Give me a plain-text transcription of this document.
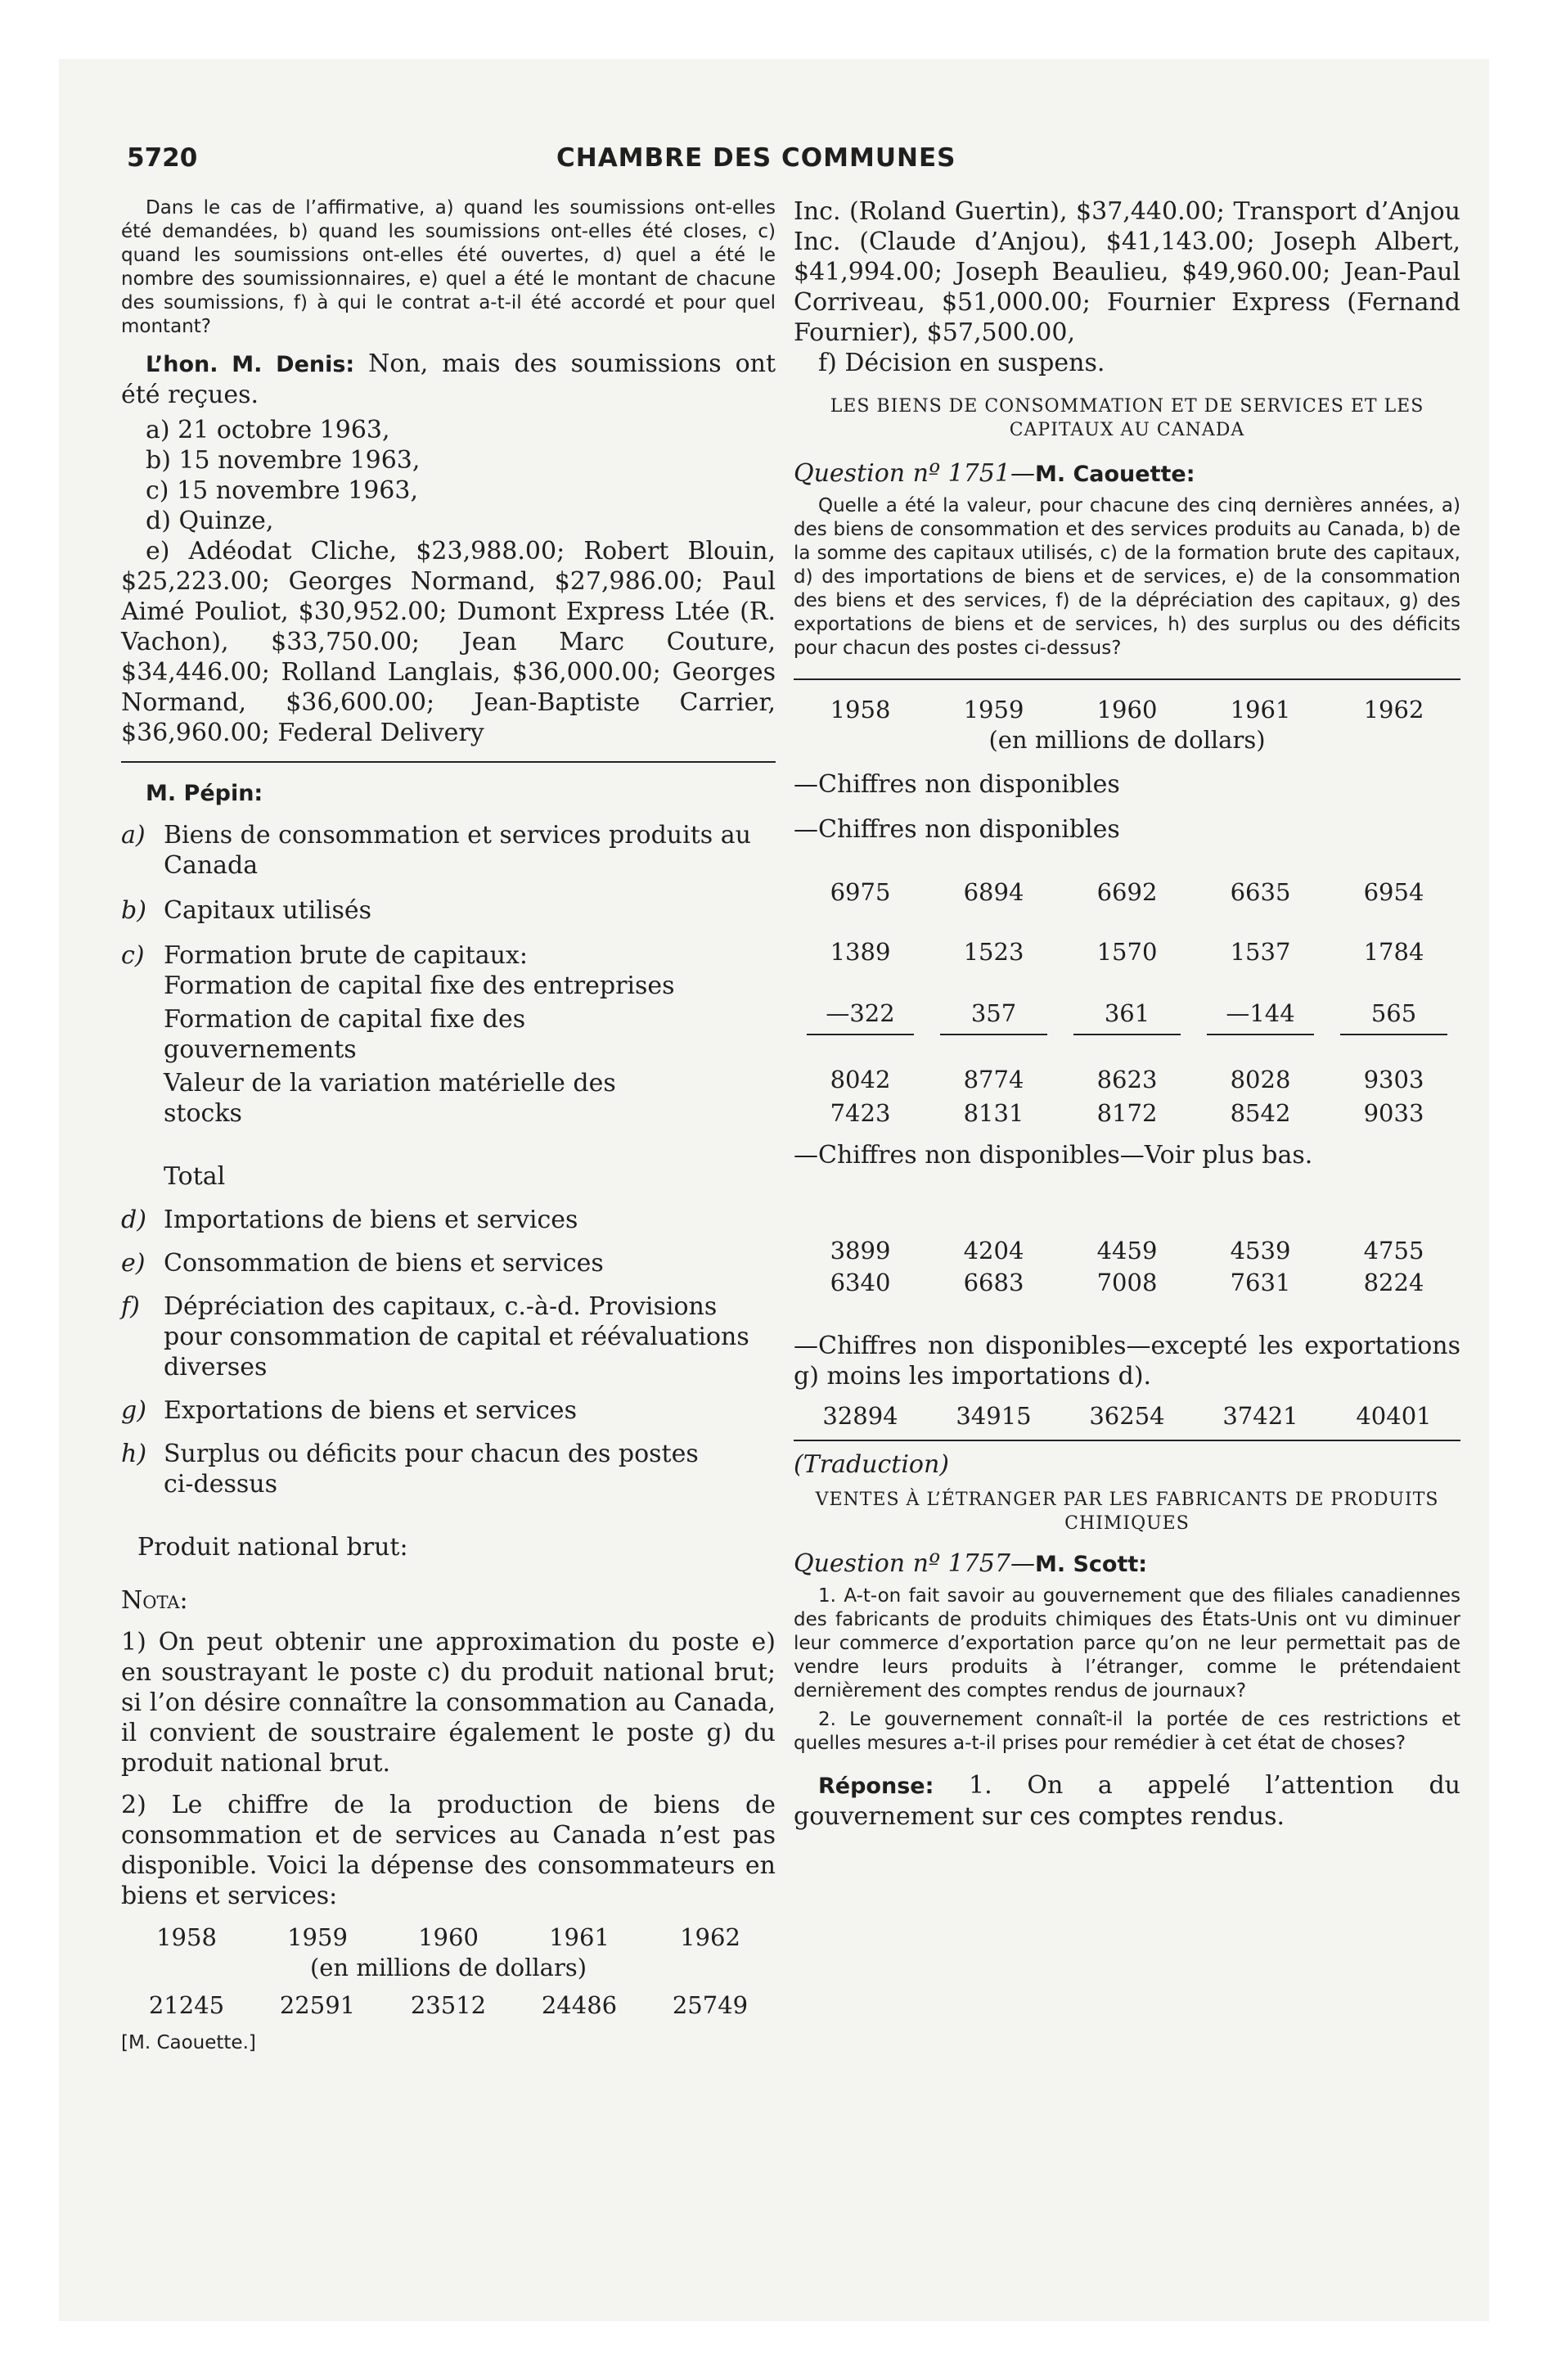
5720	CHAMBRE DES COMMUNES

Dans le cas de l’affirmative, a) quand les soumissions ont-elles été demandées, b) quand les soumissions ont-elles été closes, c) quand les soumissions ont-elles été ouvertes, d) quel a été le nombre des soumissionnaires, e) quel a été le montant de chacune des soumissions, f) à qui le contrat a-t-il été accordé et pour quel montant?

L’hon. M. Denis: Non, mais des soumissions ont été reçues.

a) 21 octobre 1963,

b) 15 novembre 1963,

c) 15 novembre 1963,

d) Quinze,

e) Adéodat Cliche, $23,988.00; Robert Blouin, $25,223.00; Georges Normand, $27,986.00; Paul Aimé Pouliot, $30,952.00; Dumont Express Ltée (R. Vachon), $33,750.00; Jean Marc Couture, $34,446.00; Rolland Langlais, $36,000.00; Georges Normand, $36,600.00; Jean-Baptiste Carrier, $36,960.00; Federal Delivery

M. Pépin:

a) Biens de consommation et services produits au Canada
b) Capitaux utilisés
c) Formation brute de capitaux:
Formation de capital fixe des entreprises
Formation de capital fixe des gouvernements
Valeur de la variation matérielle des stocks
Total
d) Importations de biens et services
e) Consommation de biens et services
f) Dépréciation des capitaux, c.-à-d. Provisions pour consommation de capital et réévaluations diverses
g) Exportations de biens et services
h) Surplus ou déficits pour chacun des postes ci-dessus

Produit national brut:

Nota:

1) On peut obtenir une approximation du poste e) en soustrayant le poste c) du produit national brut; si l’on désire connaître la consommation au Canada, il convient de soustraire également le poste g) du produit national brut.

2) Le chiffre de la production de biens de consommation et de services au Canada n’est pas disponible. Voici la dépense des consommateurs en biens et services:

1958	1959	1960	1961	1962

(en millions de dollars)

21245	22591	23512	24486	25749

[M. Caouette.]

Inc. (Roland Guertin), $37,440.00; Transport d’Anjou Inc. (Claude d’Anjou), $41,143.00; Joseph Albert, $41,994.00; Joseph Beaulieu, $49,960.00; Jean-Paul Corriveau, $51,000.00; Fournier Express (Fernand Fournier), $57,500.00,

f) Décision en suspens.

LES BIENS DE CONSOMMATION ET DE SERVICES ET LES CAPITAUX AU CANADA

Question nº 1751—M. Caouette:

Quelle a été la valeur, pour chacune des cinq dernières années, a) des biens de consommation et des services produits au Canada, b) de la somme des capitaux utilisés, c) de la formation brute des capitaux, d) des importations de biens et de services, e) de la consommation des biens et des services, f) de la dépréciation des capitaux, g) des exportations de biens et de services, h) des surplus ou des déficits pour chacun des postes ci-dessus?

1958	1959	1960	1961	1962

(en millions de dollars)

—Chiffres non disponibles

—Chiffres non disponibles

6975	6894	6692	6635	6954
1389	1523	1570	1537	1784
—322	357	361	—144	565
8042	8774	8623	8028	9303
7423	8131	8172	8542	9033

—Chiffres non disponibles—Voir plus bas.

3899	4204	4459	4539	4755
6340	6683	7008	7631	8224

—Chiffres non disponibles—excepté les exportations g) moins les importations d).

32894	34915	36254	37421	40401

(Traduction)

VENTES À L’ÉTRANGER PAR LES FABRICANTS DE PRODUITS CHIMIQUES

Question nº 1757—M. Scott:

1. A-t-on fait savoir au gouvernement que des filiales canadiennes des fabricants de produits chimiques des États-Unis ont vu diminuer leur commerce d’exportation parce qu’on ne leur permettait pas de vendre leurs produits à l’étranger, comme le prétendaient dernièrement des comptes rendus de journaux?

2. Le gouvernement connaît-il la portée de ces restrictions et quelles mesures a-t-il prises pour remédier à cet état de choses?

Réponse: 1. On a appelé l’attention du gouvernement sur ces comptes rendus.
